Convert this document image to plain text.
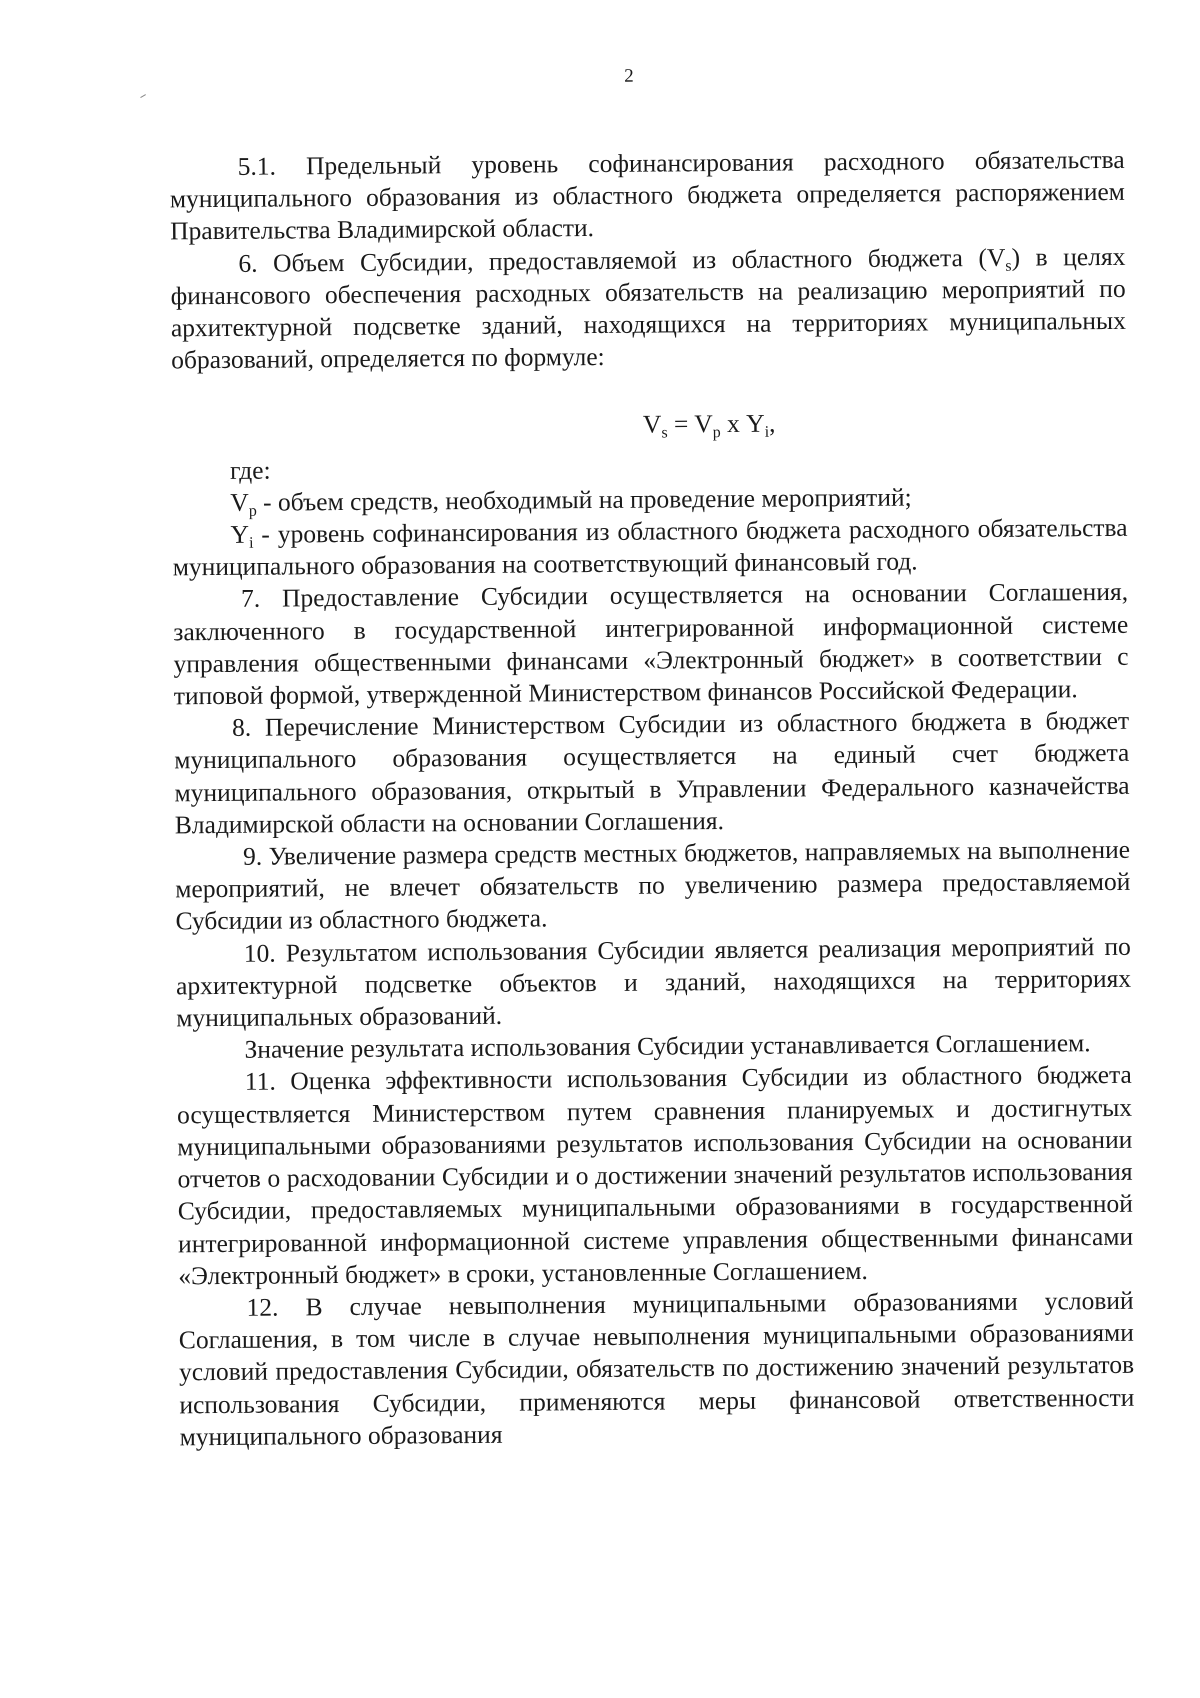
2

5.1. Предельный уровень софинансирования расходного обязательства муниципального образования из областного бюджета определяется распоряжением Правительства Владимирской области.

6. Объем Субсидии, предоставляемой из областного бюджета $(V_s)$ в целях финансового обеспечения расходных обязательств на реализацию мероприятий по архитектурной подсветке зданий, находящихся на территориях муниципальных образований, определяется по формуле:

$V_s = V_p$ х $Y_i$,

где:

$V_p$ - объем средств, необходимый на проведение мероприятий;

$Y_i$ - уровень софинансирования из областного бюджета расходного обязательства муниципального образования на соответствующий финансовый год.

7. Предоставление Субсидии осуществляется на основании Соглашения, заключенного в государственной интегрированной информационной системе управления общественными финансами «Электронный бюджет» в соответствии с типовой формой, утвержденной Министерством финансов Российской Федерации.

8. Перечисление Министерством Субсидии из областного бюджета в бюджет муниципального образования осуществляется на единый счет бюджета муниципального образования, открытый в Управлении Федерального казначейства Владимирской области на основании Соглашения.

9. Увеличение размера средств местных бюджетов, направляемых на выполнение мероприятий, не влечет обязательств по увеличению размера предоставляемой Субсидии из областного бюджета.

10. Результатом использования Субсидии является реализация мероприятий по архитектурной подсветке объектов и зданий, находящихся на территориях муниципальных образований.

Значение результата использования Субсидии устанавливается Соглашением.

11. Оценка эффективности использования Субсидии из областного бюджета осуществляется Министерством путем сравнения планируемых и достигнутых муниципальными образованиями результатов использования Субсидии на основании отчетов о расходовании Субсидии и о достижении значений результатов использования Субсидии, предоставляемых муниципальными образованиями в государственной интегрированной информационной системе управления общественными финансами «Электронный бюджет» в сроки, установленные Соглашением.

12. В случае невыполнения муниципальными образованиями условий Соглашения, в том числе в случае невыполнения муниципальными образованиями условий предоставления Субсидии, обязательств по достижению значений результатов использования Субсидии, применяются меры финансовой ответственности муниципального образования
